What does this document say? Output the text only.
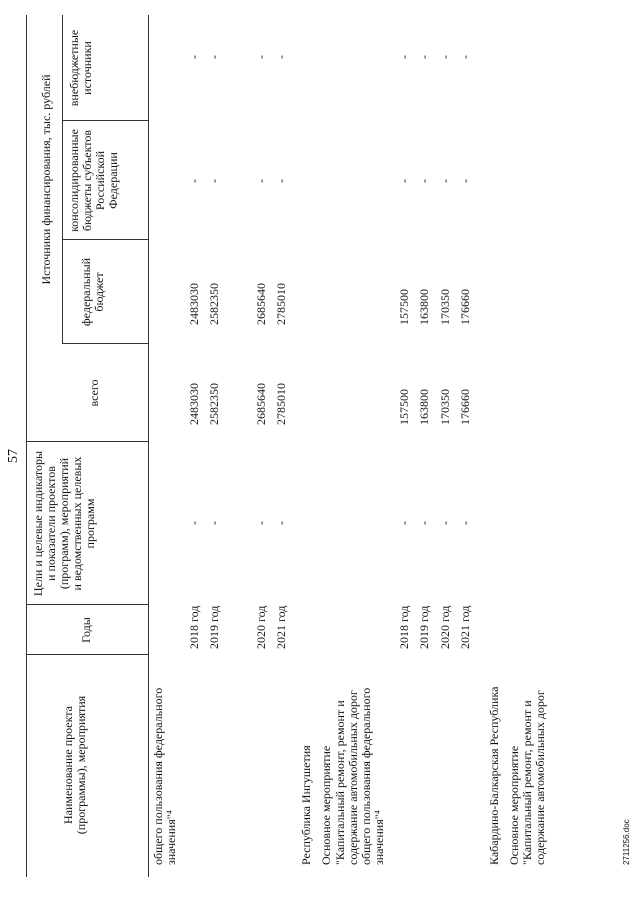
57
Наименование проекта (программы), мероприятия
Годы
Цели и целевые индикаторы и показатели проектов (программ), мероприятий и ведомственных целевых программ
Источники финансирования, тыс. рублей
всего
федеральный бюджет
консолидированные бюджеты субъектов Российской Федерации
внебюджетные источники
общего пользования федерального значения"⁴	Республика Ингушетия Основное мероприятие "Капитальный ремонт, ремонт и содержание автомобильных дорог общего пользования федерального значения"⁴	Кабардино-Балкарская Республика Основное мероприятие "Капитальный ремонт, ремонт и содержание автомобильных дорог
2018 год
-
2483030
2483030
-
-
2019 год
-
2582350
2582350
-
-
2020 год
-
2685640
2685640
-
-
2021 год
-
2785010
2785010
-
-
2018 год
-
157500
157500
-
-
2019 год
-
163800
163800
-
-
2020 год
-
170350
170350
-
-
2021 год
-
176660
176660
-
-
2711256.doc
